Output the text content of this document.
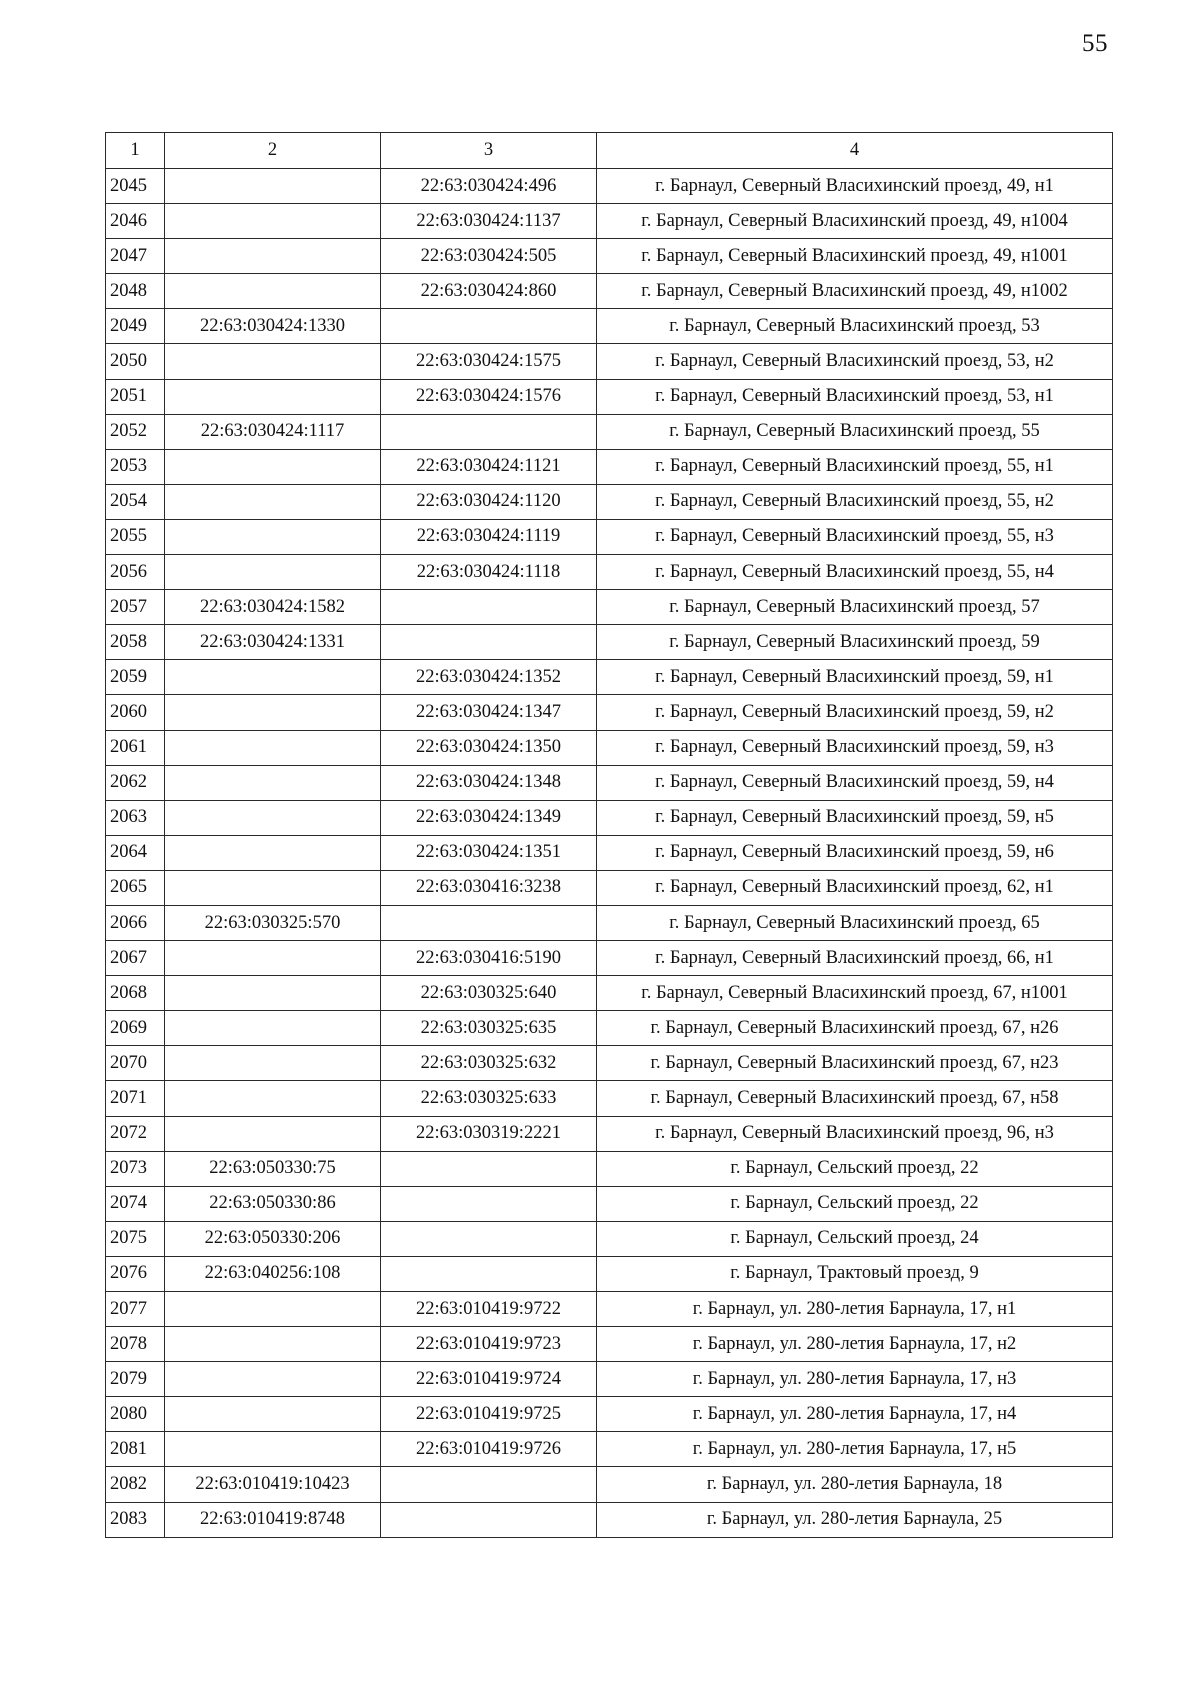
55
1	2	3	4
2045		22:63:030424:496	г. Барнаул, Северный Власихинский проезд, 49, н1
2046		22:63:030424:1137	г. Барнаул, Северный Власихинский проезд, 49, н1004
2047		22:63:030424:505	г. Барнаул, Северный Власихинский проезд, 49, н1001
2048		22:63:030424:860	г. Барнаул, Северный Власихинский проезд, 49, н1002
2049	22:63:030424:1330		г. Барнаул, Северный Власихинский проезд, 53
2050		22:63:030424:1575	г. Барнаул, Северный Власихинский проезд, 53, н2
2051		22:63:030424:1576	г. Барнаул, Северный Власихинский проезд, 53, н1
2052	22:63:030424:1117		г. Барнаул, Северный Власихинский проезд, 55
2053		22:63:030424:1121	г. Барнаул, Северный Власихинский проезд, 55, н1
2054		22:63:030424:1120	г. Барнаул, Северный Власихинский проезд, 55, н2
2055		22:63:030424:1119	г. Барнаул, Северный Власихинский проезд, 55, н3
2056		22:63:030424:1118	г. Барнаул, Северный Власихинский проезд, 55, н4
2057	22:63:030424:1582		г. Барнаул, Северный Власихинский проезд, 57
2058	22:63:030424:1331		г. Барнаул, Северный Власихинский проезд, 59
2059		22:63:030424:1352	г. Барнаул, Северный Власихинский проезд, 59, н1
2060		22:63:030424:1347	г. Барнаул, Северный Власихинский проезд, 59, н2
2061		22:63:030424:1350	г. Барнаул, Северный Власихинский проезд, 59, н3
2062		22:63:030424:1348	г. Барнаул, Северный Власихинский проезд, 59, н4
2063		22:63:030424:1349	г. Барнаул, Северный Власихинский проезд, 59, н5
2064		22:63:030424:1351	г. Барнаул, Северный Власихинский проезд, 59, н6
2065		22:63:030416:3238	г. Барнаул, Северный Власихинский проезд, 62, н1
2066	22:63:030325:570		г. Барнаул, Северный Власихинский проезд, 65
2067		22:63:030416:5190	г. Барнаул, Северный Власихинский проезд, 66, н1
2068		22:63:030325:640	г. Барнаул, Северный Власихинский проезд, 67, н1001
2069		22:63:030325:635	г. Барнаул, Северный Власихинский проезд, 67, н26
2070		22:63:030325:632	г. Барнаул, Северный Власихинский проезд, 67, н23
2071		22:63:030325:633	г. Барнаул, Северный Власихинский проезд, 67, н58
2072		22:63:030319:2221	г. Барнаул, Северный Власихинский проезд, 96, н3
2073	22:63:050330:75		г. Барнаул, Сельский проезд, 22
2074	22:63:050330:86		г. Барнаул, Сельский проезд, 22
2075	22:63:050330:206		г. Барнаул, Сельский проезд, 24
2076	22:63:040256:108		г. Барнаул, Трактовый проезд, 9
2077		22:63:010419:9722	г. Барнаул, ул. 280-летия Барнаула, 17, н1
2078		22:63:010419:9723	г. Барнаул, ул. 280-летия Барнаула, 17, н2
2079		22:63:010419:9724	г. Барнаул, ул. 280-летия Барнаула, 17, н3
2080		22:63:010419:9725	г. Барнаул, ул. 280-летия Барнаула, 17, н4
2081		22:63:010419:9726	г. Барнаул, ул. 280-летия Барнаула, 17, н5
2082	22:63:010419:10423		г. Барнаул, ул. 280-летия Барнаула, 18
2083	22:63:010419:8748		г. Барнаул, ул. 280-летия Барнаула, 25
